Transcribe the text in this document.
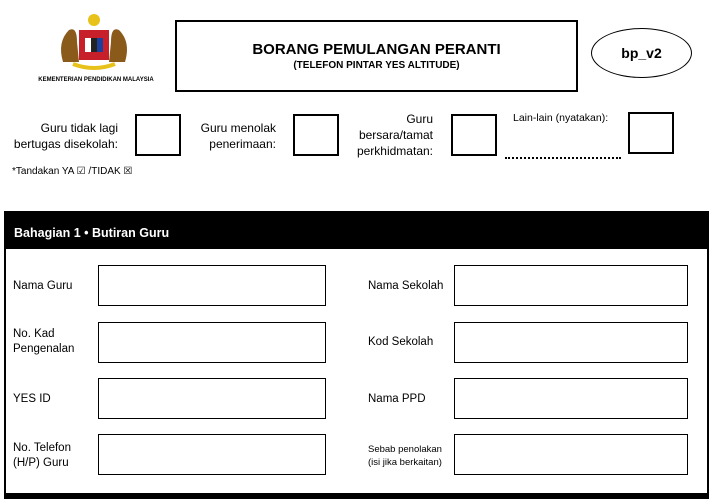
KEMENTERIAN PENDIDIKAN MALAYSIA
BORANG PEMULANGAN PERANTI
(TELEFON PINTAR YES ALTITUDE)
bp_v2
Guru tidak lagi
bertugas disekolah:
Guru menolak
penerimaan:
Guru
bersara/tamat
perkhidmatan:
Lain-lain (nyatakan):
*Tandakan YA ☑ /TIDAK ☒
Bahagian 1 • Butiran Guru
Nama Guru
No. Kad
Pengenalan
YES ID
No. Telefon
(H/P) Guru
Nama Sekolah
Kod Sekolah
Nama PPD
Sebab penolakan
(isi jika berkaitan)
